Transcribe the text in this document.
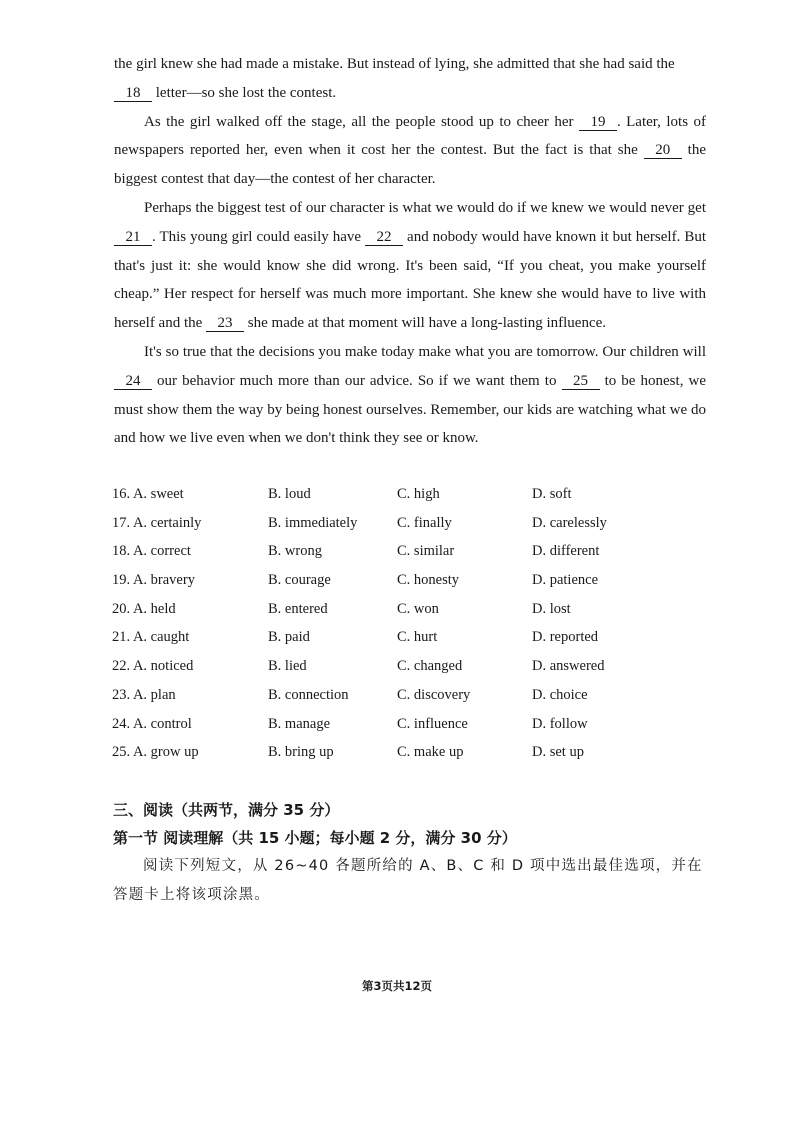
the girl knew she had made a mistake. But instead of lying, she admitted that she had said the
18 letter—so she lost the contest.

As the girl walked off the stage, all the people stood up to cheer her 19 . Later, lots of newspapers reported her, even when it cost her the contest. But the fact is that she 20 the biggest contest that day—the contest of her character.

Perhaps the biggest test of our character is what we would do if we knew we would never get 21 . This young girl could easily have 22 and nobody would have known it but herself. But that's just it: she would know she did wrong. It's been said, “If you cheat, you make yourself cheap.” Her respect for herself was much more important. She knew she would have to live with herself and the 23 she made at that moment will have a long-lasting influence.

It's so true that the decisions you make today make what you are tomorrow. Our children will 24 our behavior much more than our advice. So if we want them to 25 to be honest, we must show them the way by being honest ourselves. Remember, our kids are watching what we do and how we live even when we don't think they see or know.

16. A. sweet	B. loud	C. high	D. soft
17. A. certainly	B. immediately	C. finally	D. carelessly
18. A. correct	B. wrong	C. similar	D. different
19. A. bravery	B. courage	C. honesty	D. patience
20. A. held	B. entered	C. won	D. lost
21. A. caught	B. paid	C. hurt	D. reported
22. A. noticed	B. lied	C. changed	D. answered
23. A. plan	B. connection	C. discovery	D. choice
24. A. control	B. manage	C. influence	D. follow
25. A. grow up	B. bring up	C. make up	D. set up

三、阅读（共两节，满分 35 分）

第一节 阅读理解（共 15 小题；每小题 2 分，满分 30 分）

阅读下列短文，从 26~40 各题所给的 A、B、C 和 D 项中选出最佳选项，并在答题卡上将该项涂黑。

第3页共12页
